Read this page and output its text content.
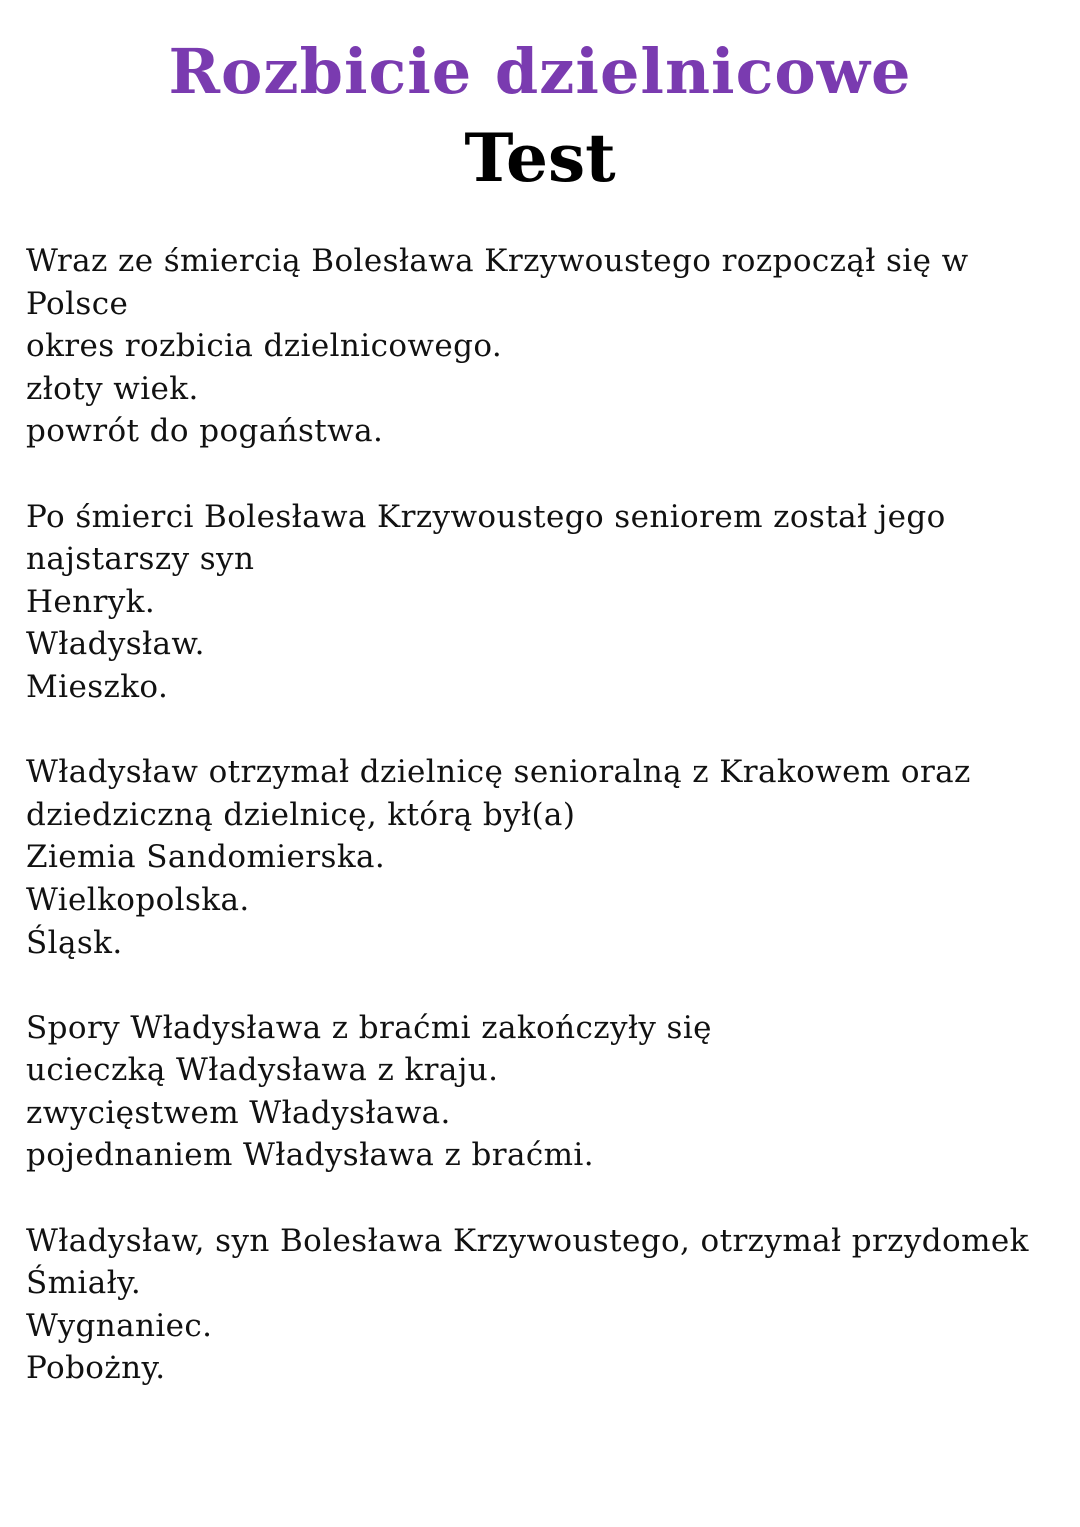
Rozbicie dzielnicowe
Test
Wraz ze śmiercią Bolesława Krzywoustego rozpoczął się w Polsce
okres rozbicia dzielnicowego.
złoty wiek.
powrót do pogaństwa.
Po śmierci Bolesława Krzywoustego seniorem został jego najstarszy syn
Henryk.
Władysław.
Mieszko.
Władysław otrzymał dzielnicę senioralną z Krakowem oraz dziedziczną dzielnicę, którą był(a)
Ziemia Sandomierska.
Wielkopolska.
Śląsk.
Spory Władysława z braćmi zakończyły się
ucieczką Władysława z kraju.
zwycięstwem Władysława.
pojednaniem Władysława z braćmi.
Władysław, syn Bolesława Krzywoustego, otrzymał przydomek
Śmiały.
Wygnaniec.
Pobożny.
